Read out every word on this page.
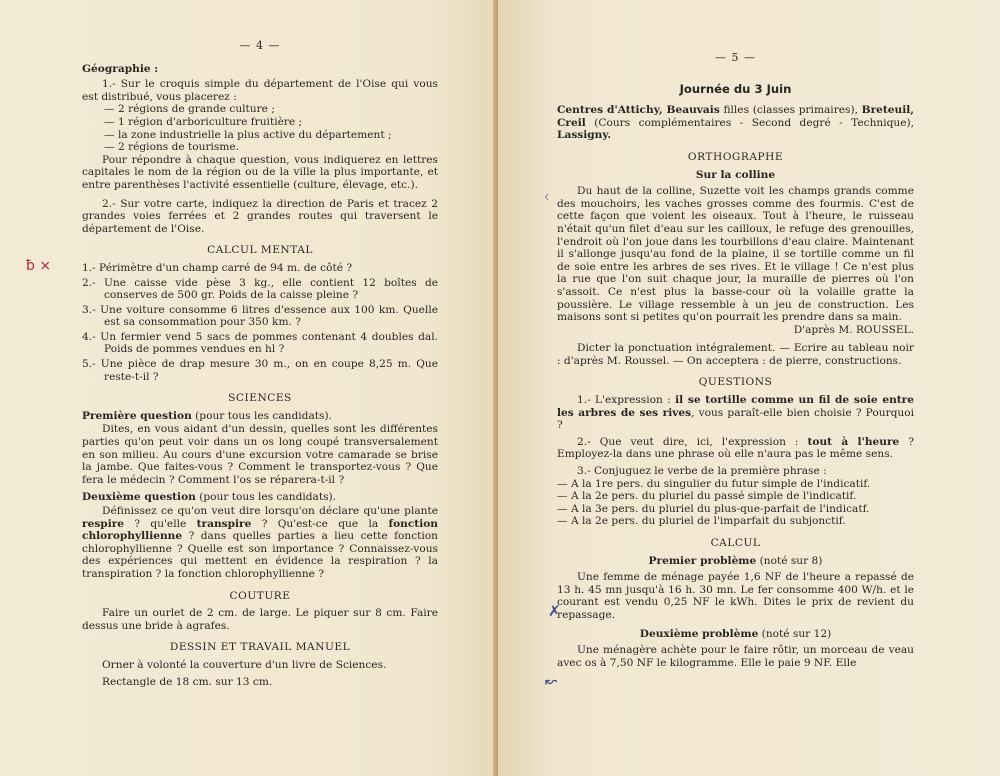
— 4 —
Géographie :

1.- Sur le croquis simple du département de l'Oise qui vous est distribué, vous placerez :

— 2 régions de grande culture ;
— 1 région d'arboriculture fruitière ;
— la zone industrielle la plus active du département ;
— 2 régions de tourisme.

Pour répondre à chaque question, vous indiquerez en lettres capitales le nom de la région ou de la ville la plus importante, et entre parenthèses l'activité essentielle (culture, élevage, etc.).

2.- Sur votre carte, indiquez la direction de Paris et tracez 2 grandes voies ferrées et 2 grandes routes qui traversent le département de l'Oise.

CALCUL MENTAL

1.- Périmètre d'un champ carré de 94 m. de côté ?

2.- Une caisse vide pèse 3 kg., elle contient 12 boîtes de conserves de 500 gr. Poids de la caisse pleine ?

3.- Une voiture consomme 6 litres d'essence aux 100 km. Quelle est sa consommation pour 350 km. ?

4.- Un fermier vend 5 sacs de pommes contenant 4 doubles dal. Poids de pommes vendues en hl ?

5.- Une pièce de drap mesure 30 m., on en coupe 8,25 m. Que reste-t-il ?

SCIENCES
Première question (pour tous les candidats).

Dites, en vous aidant d'un dessin, quelles sont les différentes parties qu'on peut voir dans un os long coupé transversalement en son milieu. Au cours d'une excursion votre camarade se brise la jambe. Que faites-vous ? Comment le transportez-vous ? Que fera le médecin ? Comment l'os se réparera-t-il ?

Deuxième question (pour tous les candidats).

Définissez ce qu'on veut dire lorsqu'on déclare qu'une plante respire ? qu'elle transpire ? Qu'est-ce que la fonction chlorophyllienne ? dans quelles parties a lieu cette fonction chlorophyllienne ? Quelle est son importance ? Connaissez-vous des expériences qui mettent en évidence la respiration ? la transpiration ? la fonction chlorophyllienne ?

COUTURE

Faire un ourlet de 2 cm. de large. Le piquer sur 8 cm. Faire dessus une bride à agrafes.

DESSIN ET TRAVAIL MANUEL

Orner à volonté la couverture d'un livre de Sciences.

Rectangle de 18 cm. sur 13 cm.

ƀ ×
— 5 —
Journée du 3 Juin

Centres d'Attichy, Beauvais filles (classes primaires), Breteuil, Creil (Cours complémentaires - Second degré - Technique), Lassigny.

ORTHOGRAPHE
Sur la colline

Du haut de la colline, Suzette voit les champs grands comme des mouchoirs, les vaches grosses comme des fourmis. C'est de cette façon que voient les oiseaux. Tout à l'heure, le ruisseau n'était qu'un filet d'eau sur les cailloux, le refuge des grenouilles, l'endroit où l'on joue dans les tourbillons d'eau claire. Maintenant il s'allonge jusqu'au fond de la plaine, il se tortille comme un fil de soie entre les arbres de ses rives. Et le village ! Ce n'est plus la rue que l'on suit chaque jour, la muraille de pierres où l'on s'assoit. Ce n'est plus la basse-cour où la volaille gratte la poussière. Le village ressemble à un jeu de construction. Les maisons sont si petites qu'on pourrait les prendre dans sa main.

D'après M. ROUSSEL.

Dicter la ponctuation intégralement. — Ecrire au tableau noir : d'après M. Roussel. — On acceptera : de pierre, constructions.

QUESTIONS

1.- L'expression : il se tortille comme un fil de soie entre les arbres de ses rives, vous paraît-elle bien choisie ? Pourquoi ?

2.- Que veut dire, ici, l'expression : tout à l'heure ? Employez-la dans une phrase où elle n'aura pas le même sens.

3.- Conjuguez le verbe de la première phrase :

— A la 1re pers. du singulier du futur simple de l'indicatif.
— A la 2e pers. du pluriel du passé simple de l'indicatif.
— A la 3e pers. du pluriel du plus-que-parfait de l'indicatf.
— A la 2e pers. du pluriel de l'imparfait du subjonctif.
CALCUL
Premier problème (noté sur 8)

Une femme de ménage payée 1,6 NF de l'heure a repassé de 13 h. 45 mn jusqu'à 16 h. 30 mn. Le fer consomme 400 W/h. et le courant est vendu 0,25 NF le kWh. Dites le prix de revient du repassage.

Deuxième problème (noté sur 12)

Une ménagère achète pour le faire rôtir, un morceau de veau avec os à 7,50 NF le kilogramme. Elle le paie 9 NF. Elle

ᚲ
✗
↜
